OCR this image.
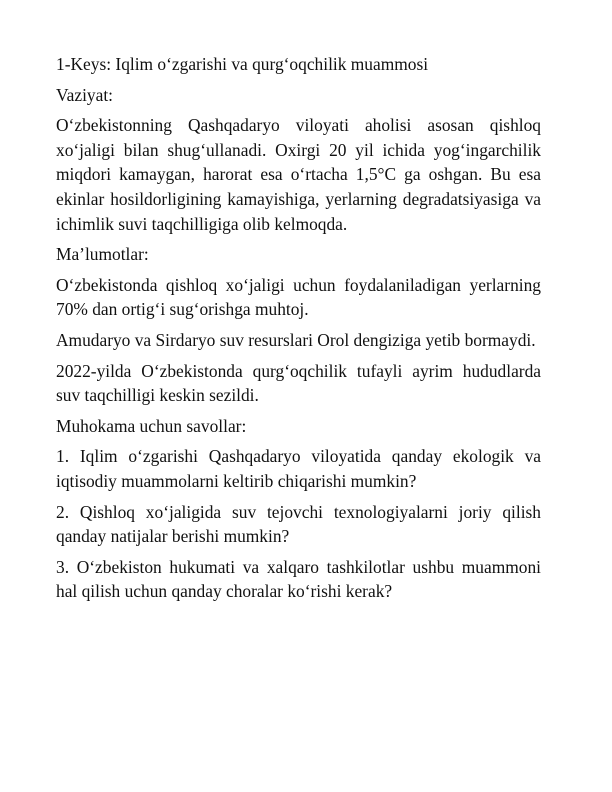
1-Keys: Iqlim o‘zgarishi va qurg‘oqchilik muammosi

Vaziyat:

O‘zbekistonning Qashqadaryo viloyati aholisi asosan qishloq xo‘jaligi bilan shug‘ullanadi. Oxirgi 20 yil ichida yog‘ingarchilik miqdori kamaygan, harorat esa o‘rtacha 1,5°C ga oshgan. Bu esa ekinlar hosildorligining kamayishiga, yerlarning degradatsiyasiga va ichimlik suvi taqchilligiga olib kelmoqda.

Ma’lumotlar:

O‘zbekistonda qishloq xo‘jaligi uchun foydalaniladigan yerlarning 70% dan ortig‘i sug‘orishga muhtoj.

Amudaryo va Sirdaryo suv resurslari Orol dengiziga yetib bormaydi.

2022-yilda O‘zbekistonda qurg‘oqchilik tufayli ayrim hududlarda suv taqchilligi keskin sezildi.

Muhokama uchun savollar:

1. Iqlim o‘zgarishi Qashqadaryo viloyatida qanday ekologik va iqtisodiy muammolarni keltirib chiqarishi mumkin?

2. Qishloq xo‘jaligida suv tejovchi texnologiyalarni joriy qilish qanday natijalar berishi mumkin?

3. O‘zbekiston hukumati va xalqaro tashkilotlar ushbu muammoni hal qilish uchun qanday choralar ko‘rishi kerak?
